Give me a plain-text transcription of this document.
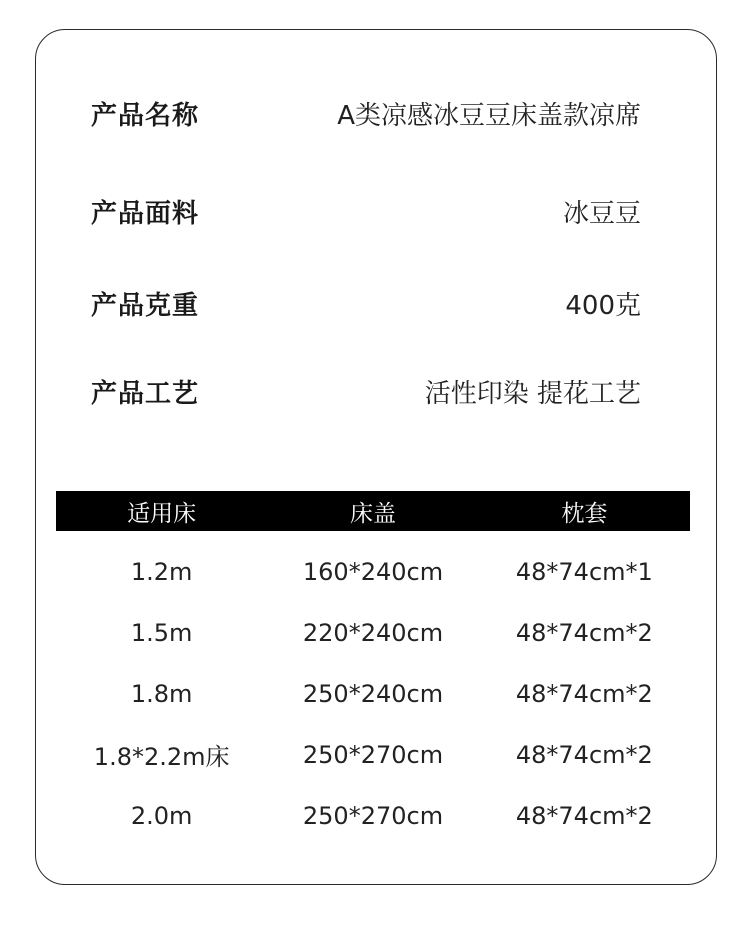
产品名称	A类凉感冰豆豆床盖款凉席
产品面料	冰豆豆
产品克重	400克
产品工艺	活性印染 提花工艺
适用床	床盖	枕套
1.2m	160*240cm	48*74cm*1
1.5m	220*240cm	48*74cm*2
1.8m	250*240cm	48*74cm*2
1.8*2.2m床	250*270cm	48*74cm*2
2.0m	250*270cm	48*74cm*2
